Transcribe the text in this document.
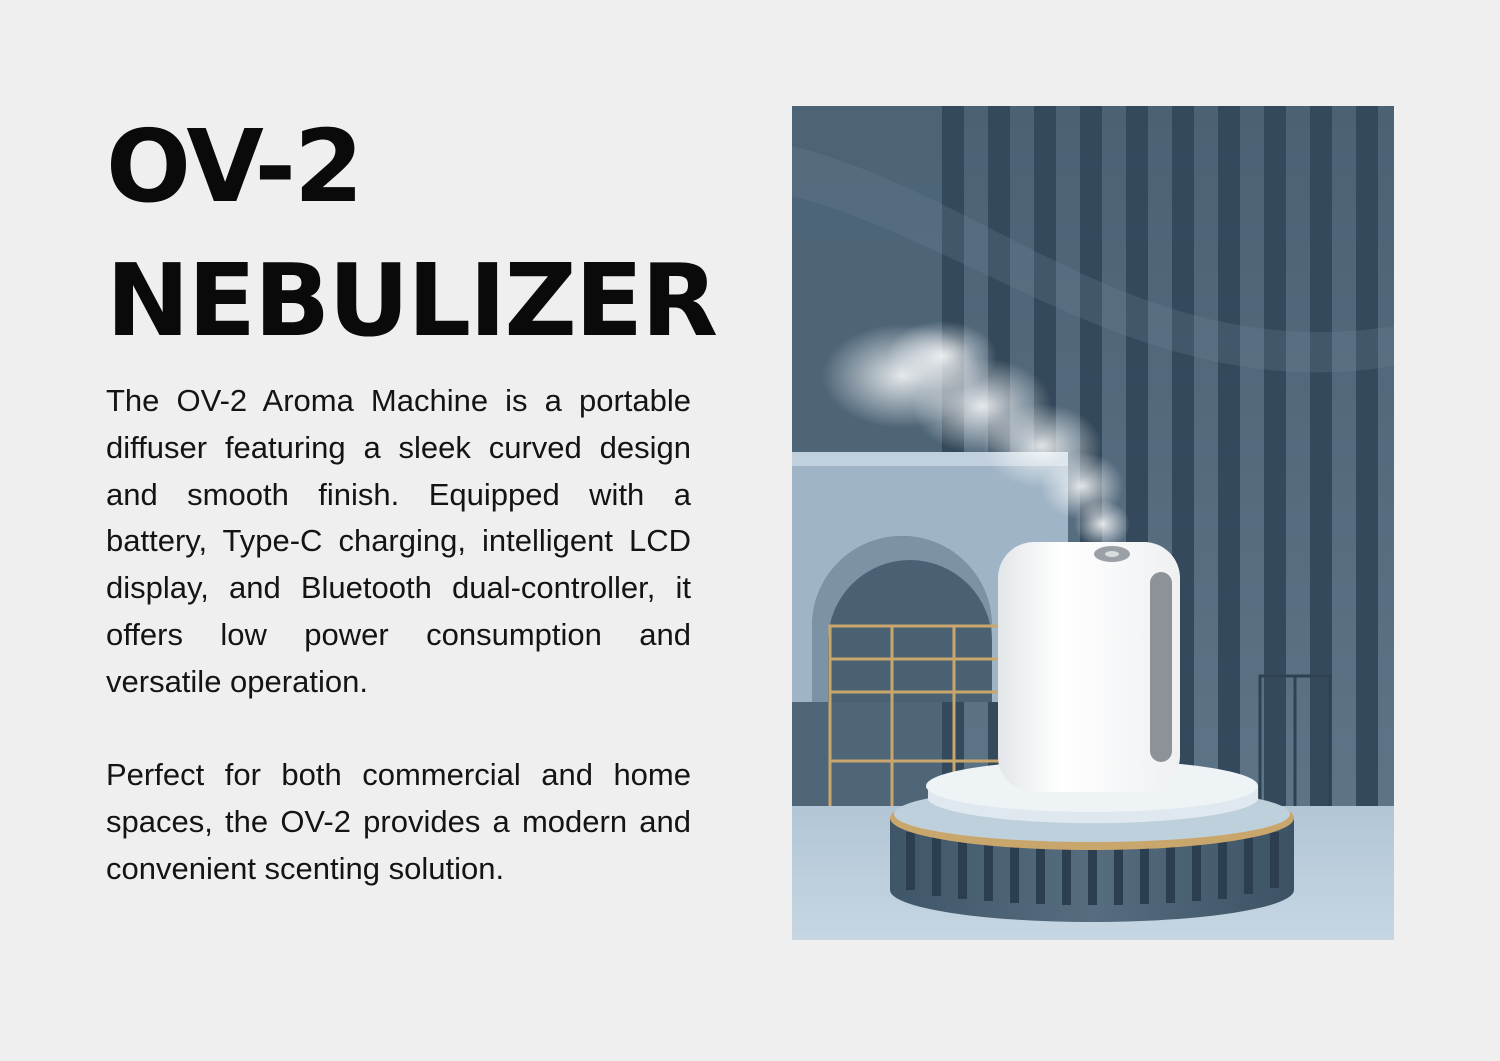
OV-2
NEBULIZER

The OV-2 Aroma Machine is a portable diffuser featuring a sleek curved design and smooth finish. Equipped with a battery, Type-C charging, intelligent LCD display, and Bluetooth dual-controller, it offers low power consumption and versatile operation.

Perfect for both commercial and home spaces, the OV-2 provides a modern and convenient scenting solution.
